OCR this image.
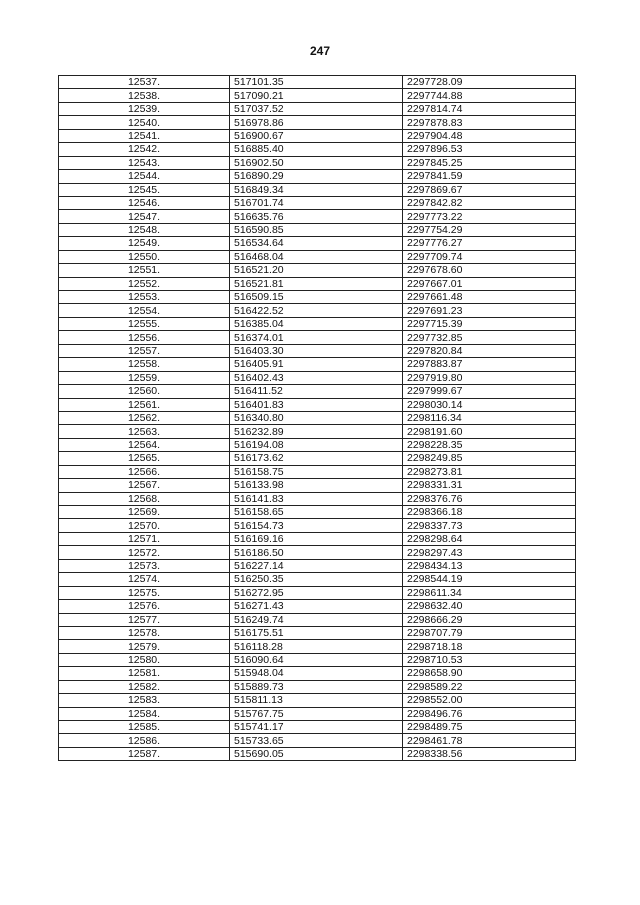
247
12537.	517101.35	2297728.09
12538.	517090.21	2297744.88
12539.	517037.52	2297814.74
12540.	516978.86	2297878.83
12541.	516900.67	2297904.48
12542.	516885.40	2297896.53
12543.	516902.50	2297845.25
12544.	516890.29	2297841.59
12545.	516849.34	2297869.67
12546.	516701.74	2297842.82
12547.	516635.76	2297773.22
12548.	516590.85	2297754.29
12549.	516534.64	2297776.27
12550.	516468.04	2297709.74
12551.	516521.20	2297678.60
12552.	516521.81	2297667.01
12553.	516509.15	2297661.48
12554.	516422.52	2297691.23
12555.	516385.04	2297715.39
12556.	516374.01	2297732.85
12557.	516403.30	2297820.84
12558.	516405.91	2297883.87
12559.	516402.43	2297919.80
12560.	516411.52	2297999.67
12561.	516401.83	2298030.14
12562.	516340.80	2298116.34
12563.	516232.89	2298191.60
12564.	516194.08	2298228.35
12565.	516173.62	2298249.85
12566.	516158.75	2298273.81
12567.	516133.98	2298331.31
12568.	516141.83	2298376.76
12569.	516158.65	2298366.18
12570.	516154.73	2298337.73
12571.	516169.16	2298298.64
12572.	516186.50	2298297.43
12573.	516227.14	2298434.13
12574.	516250.35	2298544.19
12575.	516272.95	2298611.34
12576.	516271.43	2298632.40
12577.	516249.74	2298666.29
12578.	516175.51	2298707.79
12579.	516118.28	2298718.18
12580.	516090.64	2298710.53
12581.	515948.04	2298658.90
12582.	515889.73	2298589.22
12583.	515811.13	2298552.00
12584.	515767.75	2298496.76
12585.	515741.17	2298489.75
12586.	515733.65	2298461.78
12587.	515690.05	2298338.56
